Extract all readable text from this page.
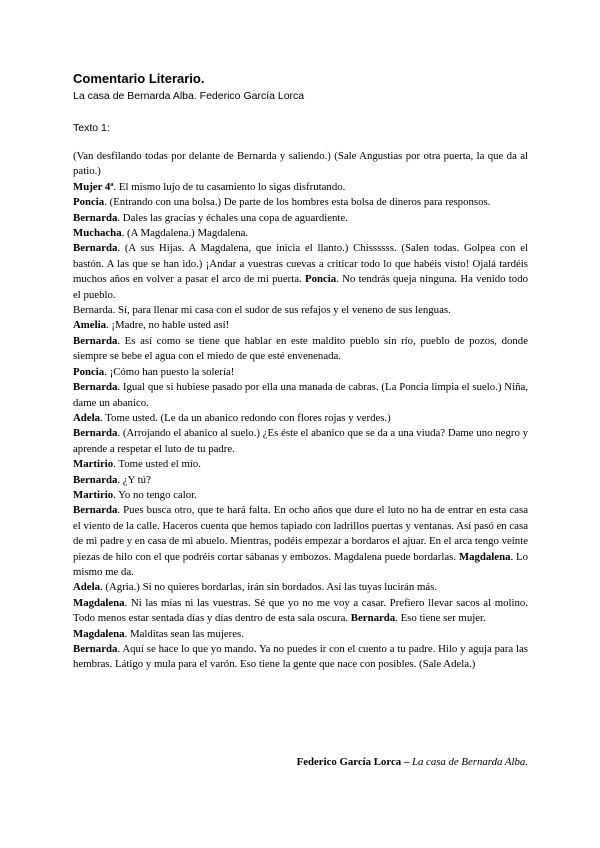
Comentario Literario.
La casa de Bernarda Alba. Federico García Lorca
Texto 1:

(Van desfilando todas por delante de Bernarda y saliendo.) (Sale Angustias por otra puerta, la que da al patio.)

Mujer 4ª. El mismo lujo de tu casamiento lo sigas disfrutando.

Poncia. (Entrando con una bolsa.) De parte de los hombres esta bolsa de dineros para responsos.

Bernarda. Dales las gracias y échales una copa de aguardiente.

Muchacha. (A Magdalena.) Magdalena.

Bernarda. (A sus Hijas. A Magdalena, que inicia el llanto.) Chissssss. (Salen todas. Golpea con el bastón. A las que se han ido.) ¡Andar a vuestras cuevas a criticar todo lo que habéis visto! Ojalá tardéis muchos años en volver a pasar el arco de mi puerta. Poncia. No tendrás queja ninguna. Ha venido todo el pueblo.

Bernarda. Sí, para llenar mi casa con el sudor de sus refajos y el veneno de sus lenguas.

Amelia. ¡Madre, no hable usted así!

Bernarda. Es así como se tiene que hablar en este maldito pueblo sin río, pueblo de pozos, donde siempre se bebe el agua con el miedo de que esté envenenada.

Poncia. ¡Cómo han puesto la solería!

Bernarda. Igual que si hubiese pasado por ella una manada de cabras. (La Poncia limpia el suelo.) Niña, dame un abanico.

Adela. Tome usted. (Le da un abanico redondo con flores rojas y verdes.)

Bernarda. (Arrojando el abanico al suelo.) ¿Es éste el abanico que se da a una viuda? Dame uno negro y aprende a respetar el luto de tu padre.

Martirio. Tome usted el mío.

Bernarda. ¿Y tú?

Martirio. Yo no tengo calor.

Bernarda. Pues busca otro, que te hará falta. En ocho años que dure el luto no ha de entrar en esta casa el viento de la calle. Haceros cuenta que hemos tapiado con ladrillos puertas y ventanas. Así pasó en casa de mi padre y en casa de mi abuelo. Mientras, podéis empezar a bordaros el ajuar. En el arca tengo veinte piezas de hilo con el que podréis cortar sábanas y embozos. Magdalena puede bordarlas. Magdalena. Lo mismo me da.

Adela. (Agria.) Si no quieres bordarlas, irán sin bordados. Así las tuyas lucirán más.

Magdalena. Ni las mías ni las vuestras. Sé que yo no me voy a casar. Prefiero llevar sacos al molino. Todo menos estar sentada días y días dentro de esta sala oscura. Bernarda. Eso tiene ser mujer.

Magdalena. Malditas sean las mujeres.

Bernarda. Aquí se hace lo que yo mando. Ya no puedes ir con el cuento a tu padre. Hilo y aguja para las hembras. Látigo y mula para el varón. Eso tiene la gente que nace con posibles. (Sale Adela.)

Federico García Lorca – La casa de Bernarda Alba.
